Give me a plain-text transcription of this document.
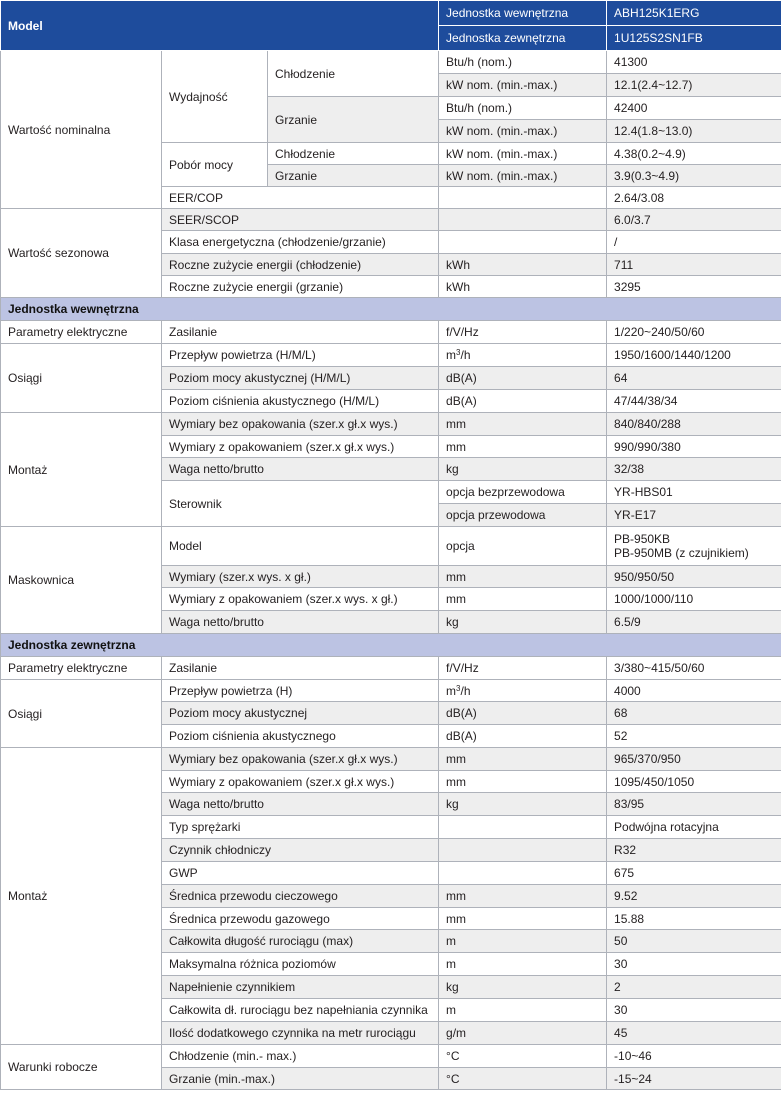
Model			Jednostka wewnętrzna	ABH125K1ERG
			Jednostka zewnętrzna	1U125S2SN1FB
Wartość nominalna	Wydajność	Chłodzenie	Btu/h (nom.)	41300
			kW nom. (min.-max.)	12.1(2.4~12.7)
		Grzanie	Btu/h (nom.)	42400
			kW nom. (min.-max.)	12.4(1.8~13.0)
	Pobór mocy	Chłodzenie	kW nom. (min.-max.)	4.38(0.2~4.9)
		Grzanie	kW nom. (min.-max.)	3.9(0.3~4.9)
	EER/COP			2.64/3.08
Wartość sezonowa	SEER/SCOP			6.0/3.7
	Klasa energetyczna (chłodzenie/grzanie)			/
	Roczne zużycie energii (chłodzenie)		kWh	711
	Roczne zużycie energii (grzanie)		kWh	3295
Jednostka wewnętrzna				
Parametry elektryczne	Zasilanie		f/V/Hz	1/220~240/50/60
Osiągi	Przepływ powietrza (H/M/L)		$m^3/h$	1950/1600/1440/1200
	Poziom mocy akustycznej (H/M/L)		dB(A)	64
	Poziom ciśnienia akustycznego (H/M/L)		dB(A)	47/44/38/34
Montaż	Wymiary bez opakowania (szer.x gł.x wys.)		mm	840/840/288
	Wymiary z opakowaniem (szer.x gł.x wys.)		mm	990/990/380
	Waga netto/brutto		kg	32/38
	Sterownik		opcja bezprzewodowa	YR-HBS01
			opcja przewodowa	YR-E17
Maskownica	Model		opcja	PB-950KB
PB-950MB (z czujnikiem)

	Wymiary (szer.x wys. x gł.)		mm	950/950/50
	Wymiary z opakowaniem (szer.x wys. x gł.)		mm	1000/1000/110
	Waga netto/brutto		kg	6.5/9
Jednostka zewnętrzna				
Parametry elektryczne	Zasilanie		f/V/Hz	3/380~415/50/60
Osiągi	Przepływ powietrza (H)		$m^3/h$	4000
	Poziom mocy akustycznej		dB(A)	68
	Poziom ciśnienia akustycznego		dB(A)	52
Montaż	Wymiary bez opakowania (szer.x gł.x wys.)		mm	965/370/950
	Wymiary z opakowaniem (szer.x gł.x wys.)		mm	1095/450/1050
	Waga netto/brutto		kg	83/95
	Typ sprężarki			Podwójna rotacyjna
	Czynnik chłodniczy			R32
	GWP			675
	Średnica przewodu cieczowego		mm	9.52
	Średnica przewodu gazowego		mm	15.88
	Całkowita długość rurociągu (max)		m	50
	Maksymalna różnica poziomów		m	30
	Napełnienie czynnikiem		kg	2
	Całkowita dł. rurociągu bez napełniania czynnika		m	30
	Ilość dodatkowego czynnika na metr rurociągu		g/m	45
Warunki robocze	Chłodzenie (min.- max.)		°C	-10~46
	Grzanie (min.-max.)		°C	-15~24
